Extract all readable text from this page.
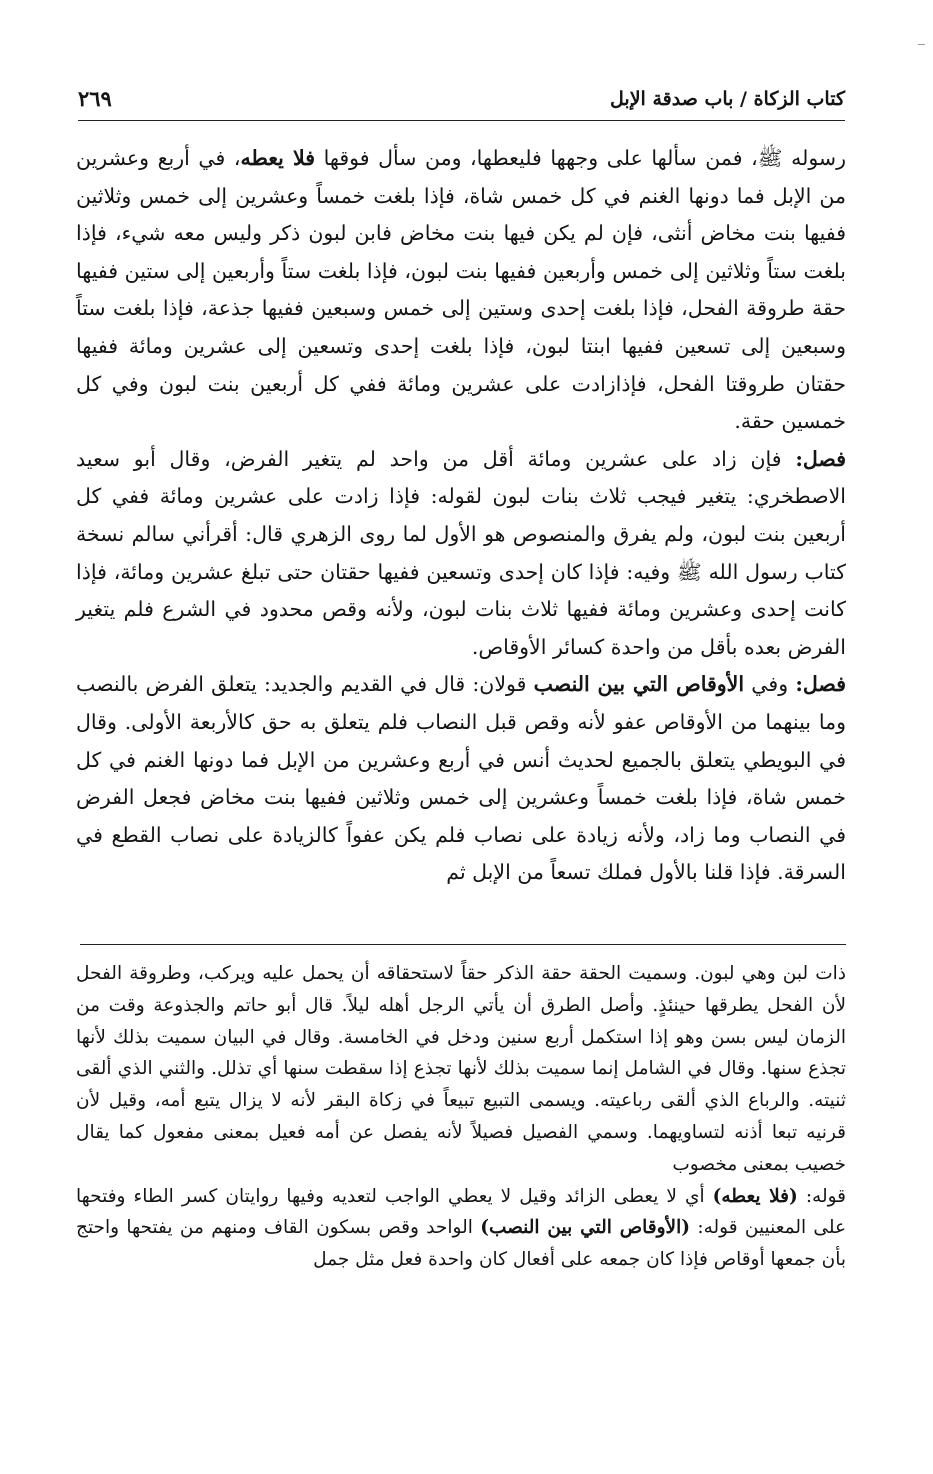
كتاب الزكاة / باب صدقة الإبل
٢٦٩

رسوله ﷺ، فمن سألها على وجهها فليعطها، ومن سأل فوقها فلا يعطه، في أربع وعشرين من الإبل فما دونها الغنم في كل خمس شاة، فإذا بلغت خمساً وعشرين إلى خمس وثلاثين ففيها بنت مخاض أنثى، فإن لم يكن فيها بنت مخاض فابن لبون ذكر وليس معه شيء، فإذا بلغت ستاً وثلاثين إلى خمس وأربعين ففيها بنت لبون، فإذا بلغت ستاً وأربعين إلى ستين ففيها حقة طروقة الفحل، فإذا بلغت إحدى وستين إلى خمس وسبعين ففيها جذعة، فإذا بلغت ستاً وسبعين إلى تسعين ففيها ابنتا لبون، فإذا بلغت إحدى وتسعين إلى عشرين ومائة ففيها حقتان طروقتا الفحل، فإذازادت على عشرين ومائة ففي كل أربعين بنت لبون وفي كل خمسين حقة.

فصل: فإن زاد على عشرين ومائة أقل من واحد لم يتغير الفرض، وقال أبو سعيد الاصطخري: يتغير فيجب ثلاث بنات لبون لقوله: فإذا زادت على عشرين ومائة ففي كل أربعين بنت لبون، ولم يفرق والمنصوص هو الأول لما روى الزهري قال: أقرأني سالم نسخة كتاب رسول الله ﷺ وفيه: فإذا كان إحدى وتسعين ففيها حقتان حتى تبلغ عشرين ومائة، فإذا كانت إحدى وعشرين ومائة ففيها ثلاث بنات لبون، ولأنه وقص محدود في الشرع فلم يتغير الفرض بعده بأقل من واحدة كسائر الأوقاص.

فصل: وفي الأوقاص التي بين النصب قولان: قال في القديم والجديد: يتعلق الفرض بالنصب وما بينهما من الأوقاص عفو لأنه وقص قبل النصاب فلم يتعلق به حق كالأربعة الأولى. وقال في البويطي يتعلق بالجميع لحديث أنس في أربع وعشرين من الإبل فما دونها الغنم في كل خمس شاة، فإذا بلغت خمساً وعشرين إلى خمس وثلاثين ففيها بنت مخاض فجعل الفرض في النصاب وما زاد، ولأنه زيادة على نصاب فلم يكن عفواً كالزيادة على نصاب القطع في السرقة. فإذا قلنا بالأول فملك تسعاً من الإبل ثم

ذات لبن وهي لبون. وسميت الحقة حقة الذكر حقاً لاستحقاقه أن يحمل عليه ويركب، وطروقة الفحل لأن الفحل يطرقها حينئذٍ. وأصل الطرق أن يأتي الرجل أهله ليلاً. قال أبو حاتم والجذوعة وقت من الزمان ليس بسن وهو إذا استكمل أربع سنين ودخل في الخامسة. وقال في البيان سميت بذلك لأنها تجذع سنها. وقال في الشامل إنما سميت بذلك لأنها تجذع إذا سقطت سنها أي تذلل. والثني الذي ألقى ثنيته. والرباع الذي ألقى رباعيته. ويسمى التبيع تبيعاً في زكاة البقر لأنه لا يزال يتبع أمه، وقيل لأن قرنيه تبعا أذنه لتساويهما. وسمي الفصيل فصيلاً لأنه يفصل عن أمه فعيل بمعنى مفعول كما يقال خصيب بمعنى مخصوب

قوله: (فلا يعطه) أي لا يعطى الزائد وقيل لا يعطي الواجب لتعديه وفيها روايتان كسر الطاء وفتحها على المعنيين قوله: (الأوقاص التي بين النصب) الواحد وقص بسكون القاف ومنهم من يفتحها واحتج بأن جمعها أوقاص فإذا كان جمعه على أفعال كان واحدة فعل مثل جمل
